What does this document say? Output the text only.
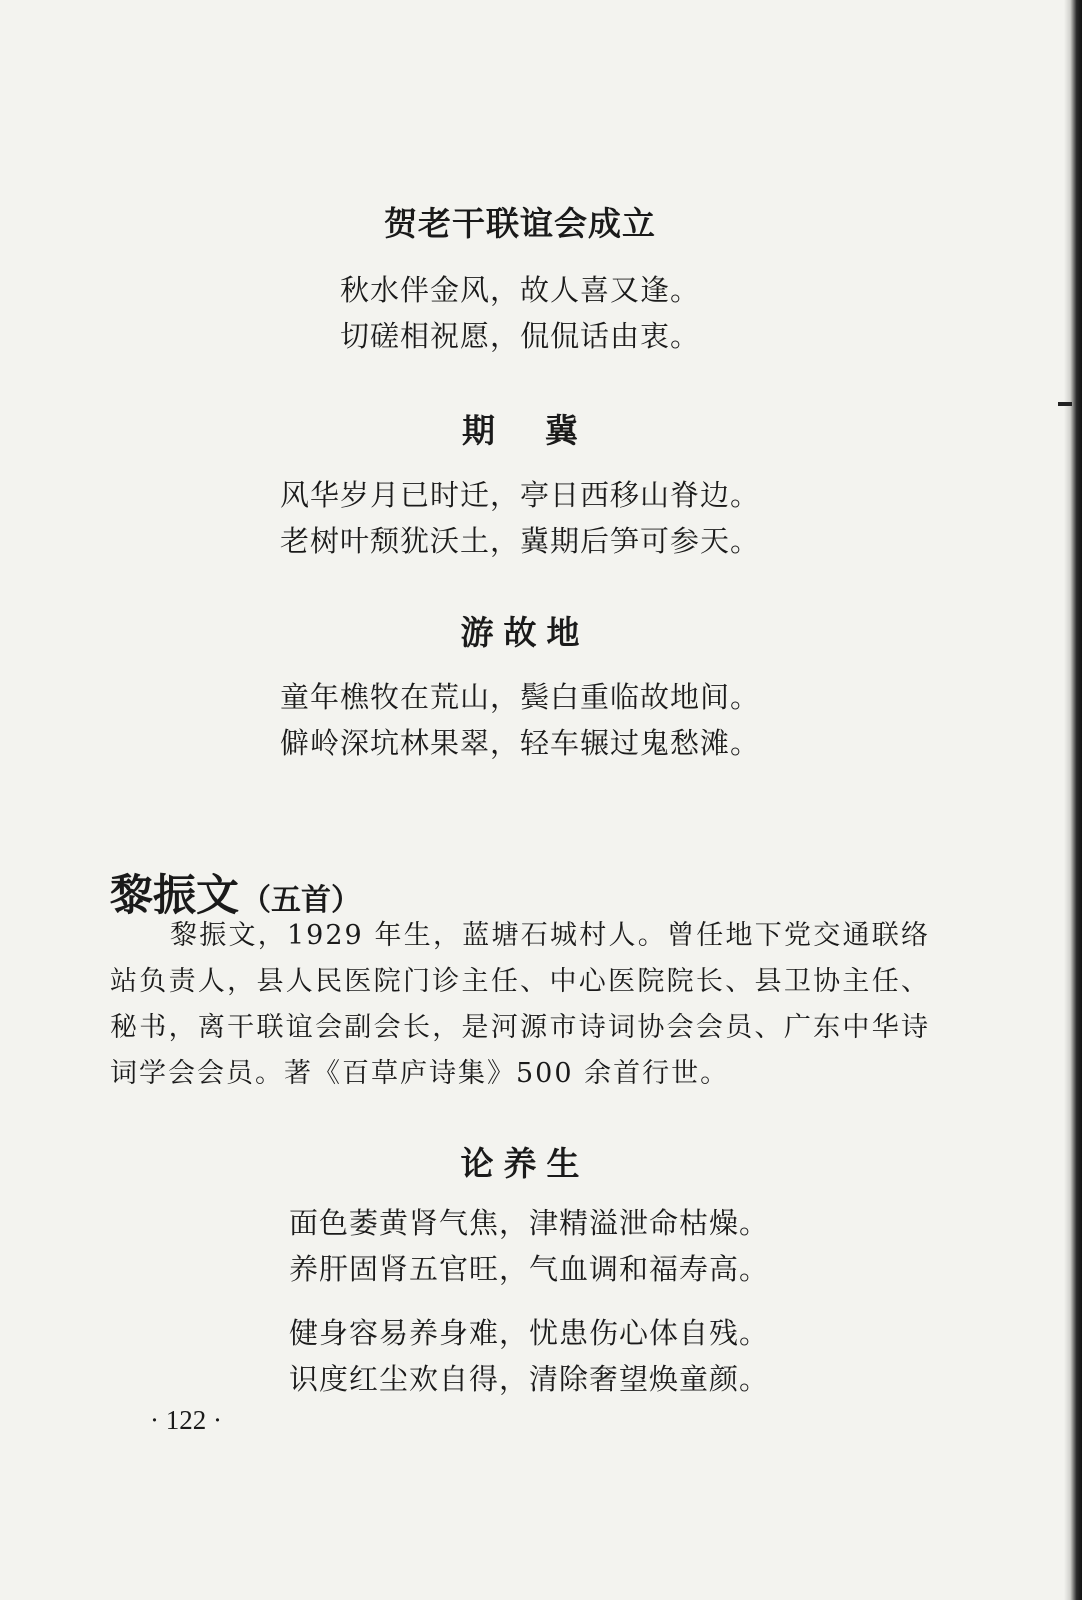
贺老干联谊会成立
秋水伴金风，故人喜又逢。
切磋相祝愿，侃侃话由衷。
期冀
风华岁月已时迁，亭日西移山脊边。
老树叶颓犹沃土，冀期后笋可参天。
游故地
童年樵牧在荒山，鬓白重临故地间。
僻岭深坑林果翠，轻车辗过鬼愁滩。
黎振文（五首）
黎振文，1929 年生，蓝塘石城村人。曾任地下党交通联络站负责人，县人民医院门诊主任、中心医院院长、县卫协主任、秘书，离干联谊会副会长，是河源市诗词协会会员、广东中华诗词学会会员。著《百草庐诗集》500 余首行世。
论养生
面色萎黄肾气焦，津精溢泄命枯燥。
养肝固肾五官旺，气血调和福寿高。
健身容易养身难，忧患伤心体自残。
识度红尘欢自得，清除奢望焕童颜。
· 122 ·
